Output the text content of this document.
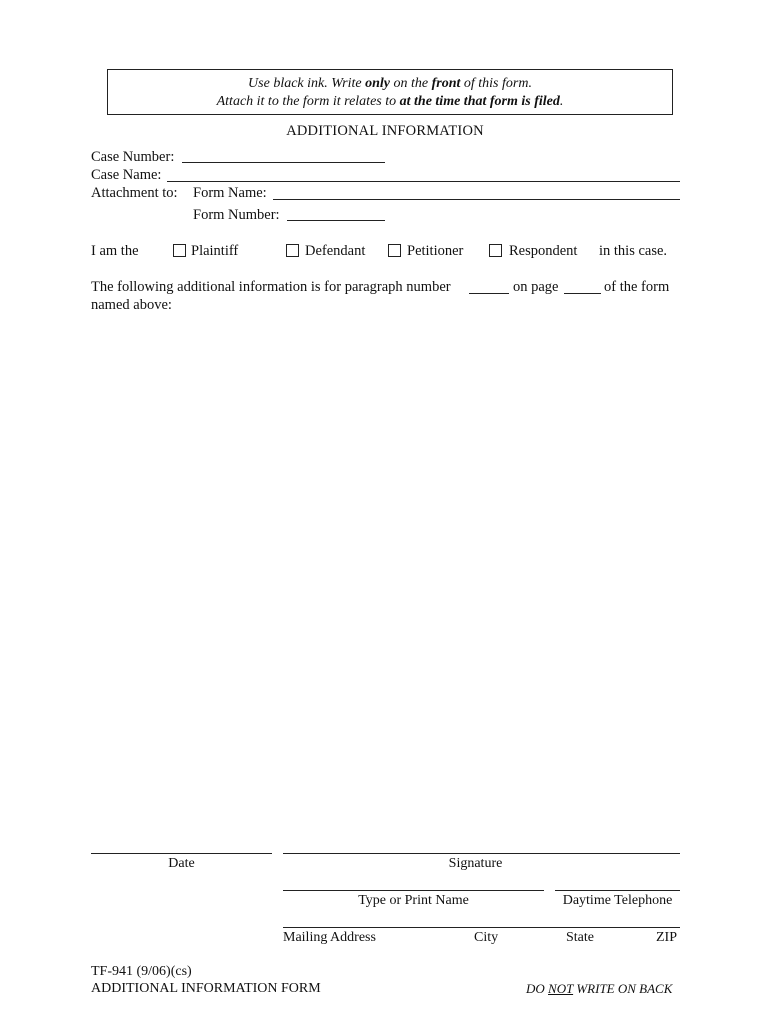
Use black ink. Write only on the front of this form.
Attach it to the form it relates to at the time that form is filed.
ADDITIONAL INFORMATION
Case Number:
Case Name:
Attachment to: Form Name:
Form Number:
I am the	Plaintiff	Defendant	Petitioner	Respondent in this case.
The following additional information is for paragraph number	on page	of the form
named above:
Date	Signature
Type or Print Name	Daytime Telephone
Mailing Address	City	State	ZIP
TF-941 (9/06)(cs)
ADDITIONAL INFORMATION FORM	DO NOT WRITE ON BACK
